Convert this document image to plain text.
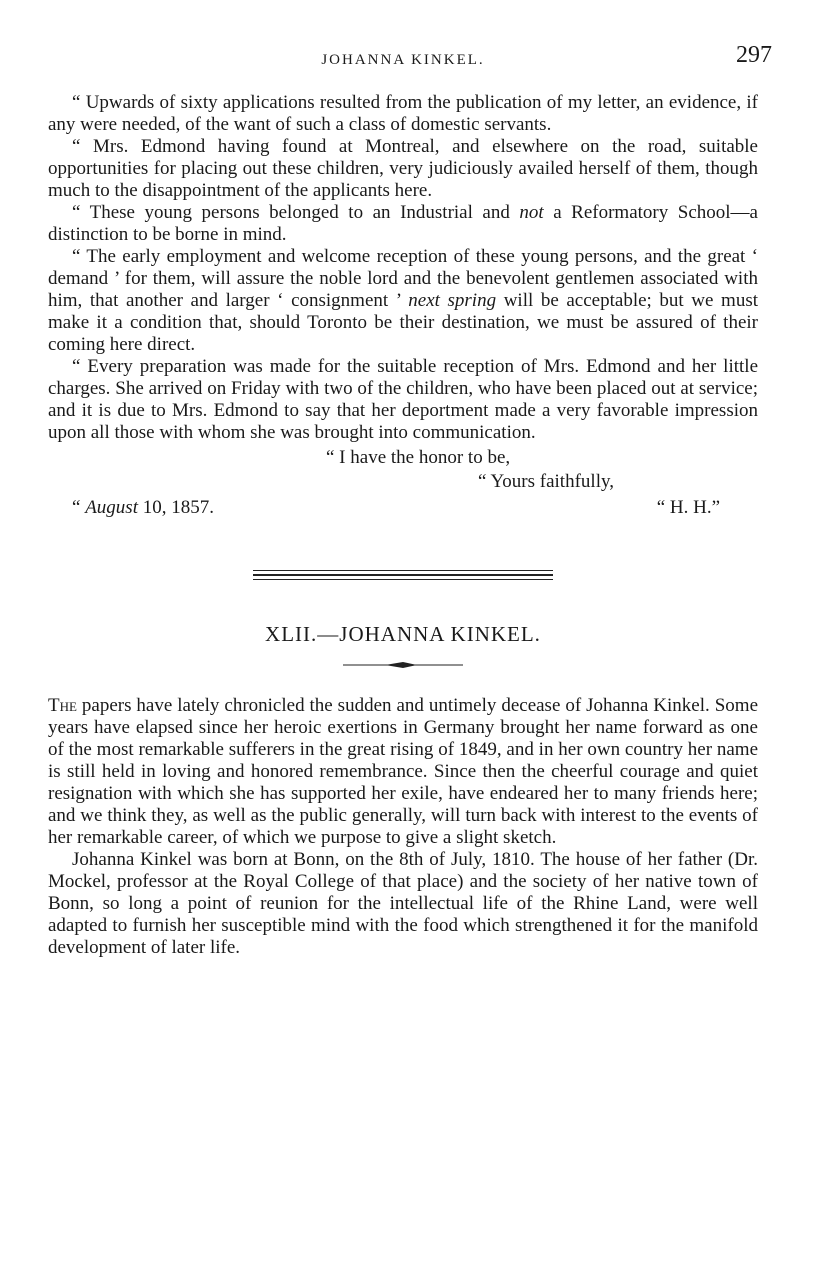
JOHANNA KINKEL.	297

“ Upwards of sixty applications resulted from the publication of my letter, an evidence, if any were needed, of the want of such a class of domestic servants.

“ Mrs. Edmond having found at Montreal, and elsewhere on the road, suitable opportunities for placing out these children, very judiciously availed herself of them, though much to the disappointment of the applicants here.

“ These young persons belonged to an Industrial and not a Reformatory School—a distinction to be borne in mind.

“ The early employment and welcome reception of these young persons, and the great ‘ demand ’ for them, will assure the noble lord and the benevolent gentlemen associated with him, that another and larger ‘ consignment ’ next spring will be acceptable; but we must make it a condition that, should Toronto be their destination, we must be assured of their coming here direct.

“ Every preparation was made for the suitable reception of Mrs. Edmond and her little charges. She arrived on Friday with two of the children, who have been placed out at service; and it is due to Mrs. Edmond to say that her deportment made a very favorable impression upon all those with whom she was brought into communication.

“ I have the honor to be,
“ Yours faithfully,
“ August 10, 1857.	“ H. H.”
XLII.—JOHANNA KINKEL.

The papers have lately chronicled the sudden and untimely decease of Johanna Kinkel. Some years have elapsed since her heroic exertions in Germany brought her name forward as one of the most remarkable sufferers in the great rising of 1849, and in her own country her name is still held in loving and honored remembrance. Since then the cheerful courage and quiet resignation with which she has supported her exile, have endeared her to many friends here; and we think they, as well as the public generally, will turn back with interest to the events of her remarkable career, of which we purpose to give a slight sketch.

Johanna Kinkel was born at Bonn, on the 8th of July, 1810. The house of her father (Dr. Mockel, professor at the Royal College of that place) and the society of her native town of Bonn, so long a point of reunion for the intellectual life of the Rhine Land, were well adapted to furnish her susceptible mind with the food which strengthened it for the manifold development of later life.
